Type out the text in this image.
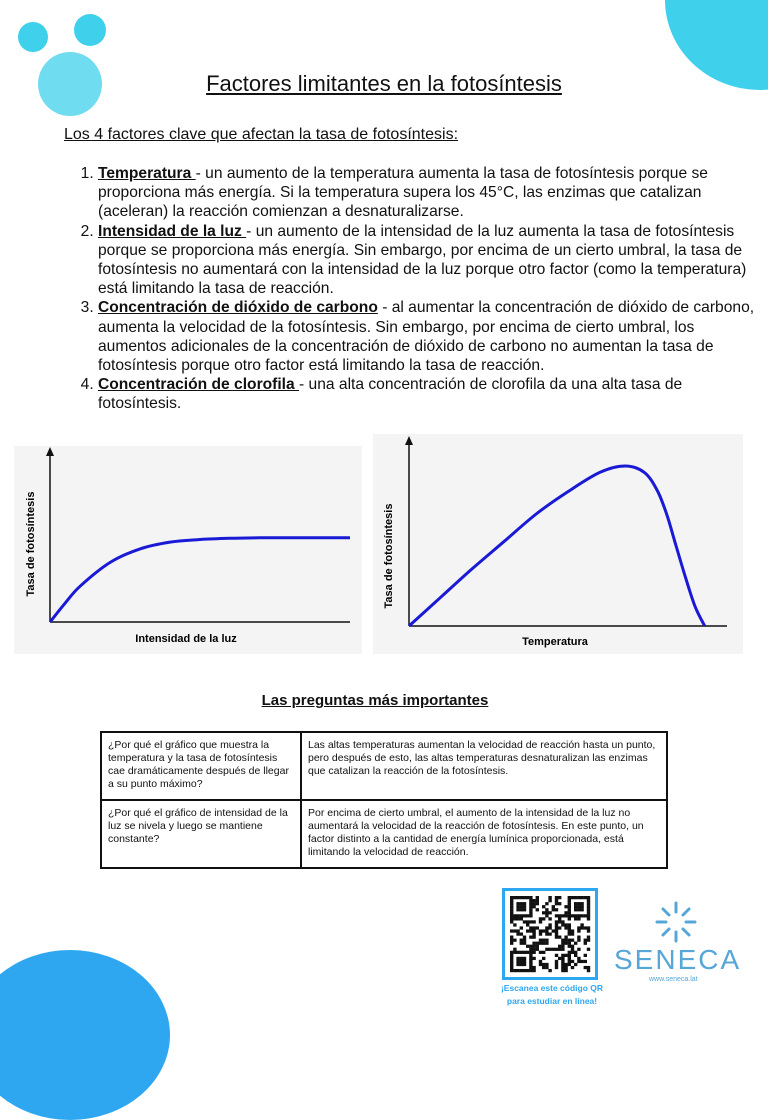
Factores limitantes en la fotosíntesis
Los 4 factores clave que afectan la tasa de fotosíntesis:
1. Temperatura - un aumento de la temperatura aumenta la tasa de fotosíntesis porque se proporciona más energía. Si la temperatura supera los 45°C, las enzimas que catalizan (aceleran) la reacción comienzan a desnaturalizarse.
2. Intensidad de la luz - un aumento de la intensidad de la luz aumenta la tasa de fotosíntesis porque se proporciona más energía. Sin embargo, por encima de un cierto umbral, la tasa de fotosíntesis no aumentará con la intensidad de la luz porque otro factor (como la temperatura) está limitando la tasa de reacción.
3. Concentración de dióxido de carbono - al aumentar la concentración de dióxido de carbono, aumenta la velocidad de la fotosíntesis. Sin embargo, por encima de cierto umbral, los aumentos adicionales de la concentración de dióxido de carbono no aumentan la tasa de fotosíntesis porque otro factor está limitando la tasa de reacción.
4. Concentración de clorofila - una alta concentración de clorofila da una alta tasa de fotosíntesis.
Intensidad de la luz
Tasa de fotosíntesis
Temperatura
Tasa de fotosíntesis
Las preguntas más importantes
¿Por qué el gráfico que muestra la temperatura y la tasa de fotosíntesis cae dramáticamente después de llegar a su punto máximo?	Las altas temperaturas aumentan la velocidad de reacción hasta un punto, pero después de esto, las altas temperaturas desnaturalizan las enzimas que catalizan la reacción de la fotosíntesis.
¿Por qué el gráfico de intensidad de la luz se nivela y luego se mantiene constante?	Por encima de cierto umbral, el aumento de la intensidad de la luz no aumentará la velocidad de la reacción de fotosíntesis. En este punto, un factor distinto a la cantidad de energía lumínica proporcionada, está limitando la velocidad de reacción.
¡Escanea este código QR para estudiar en línea!
SENECA
www.seneca.lat
